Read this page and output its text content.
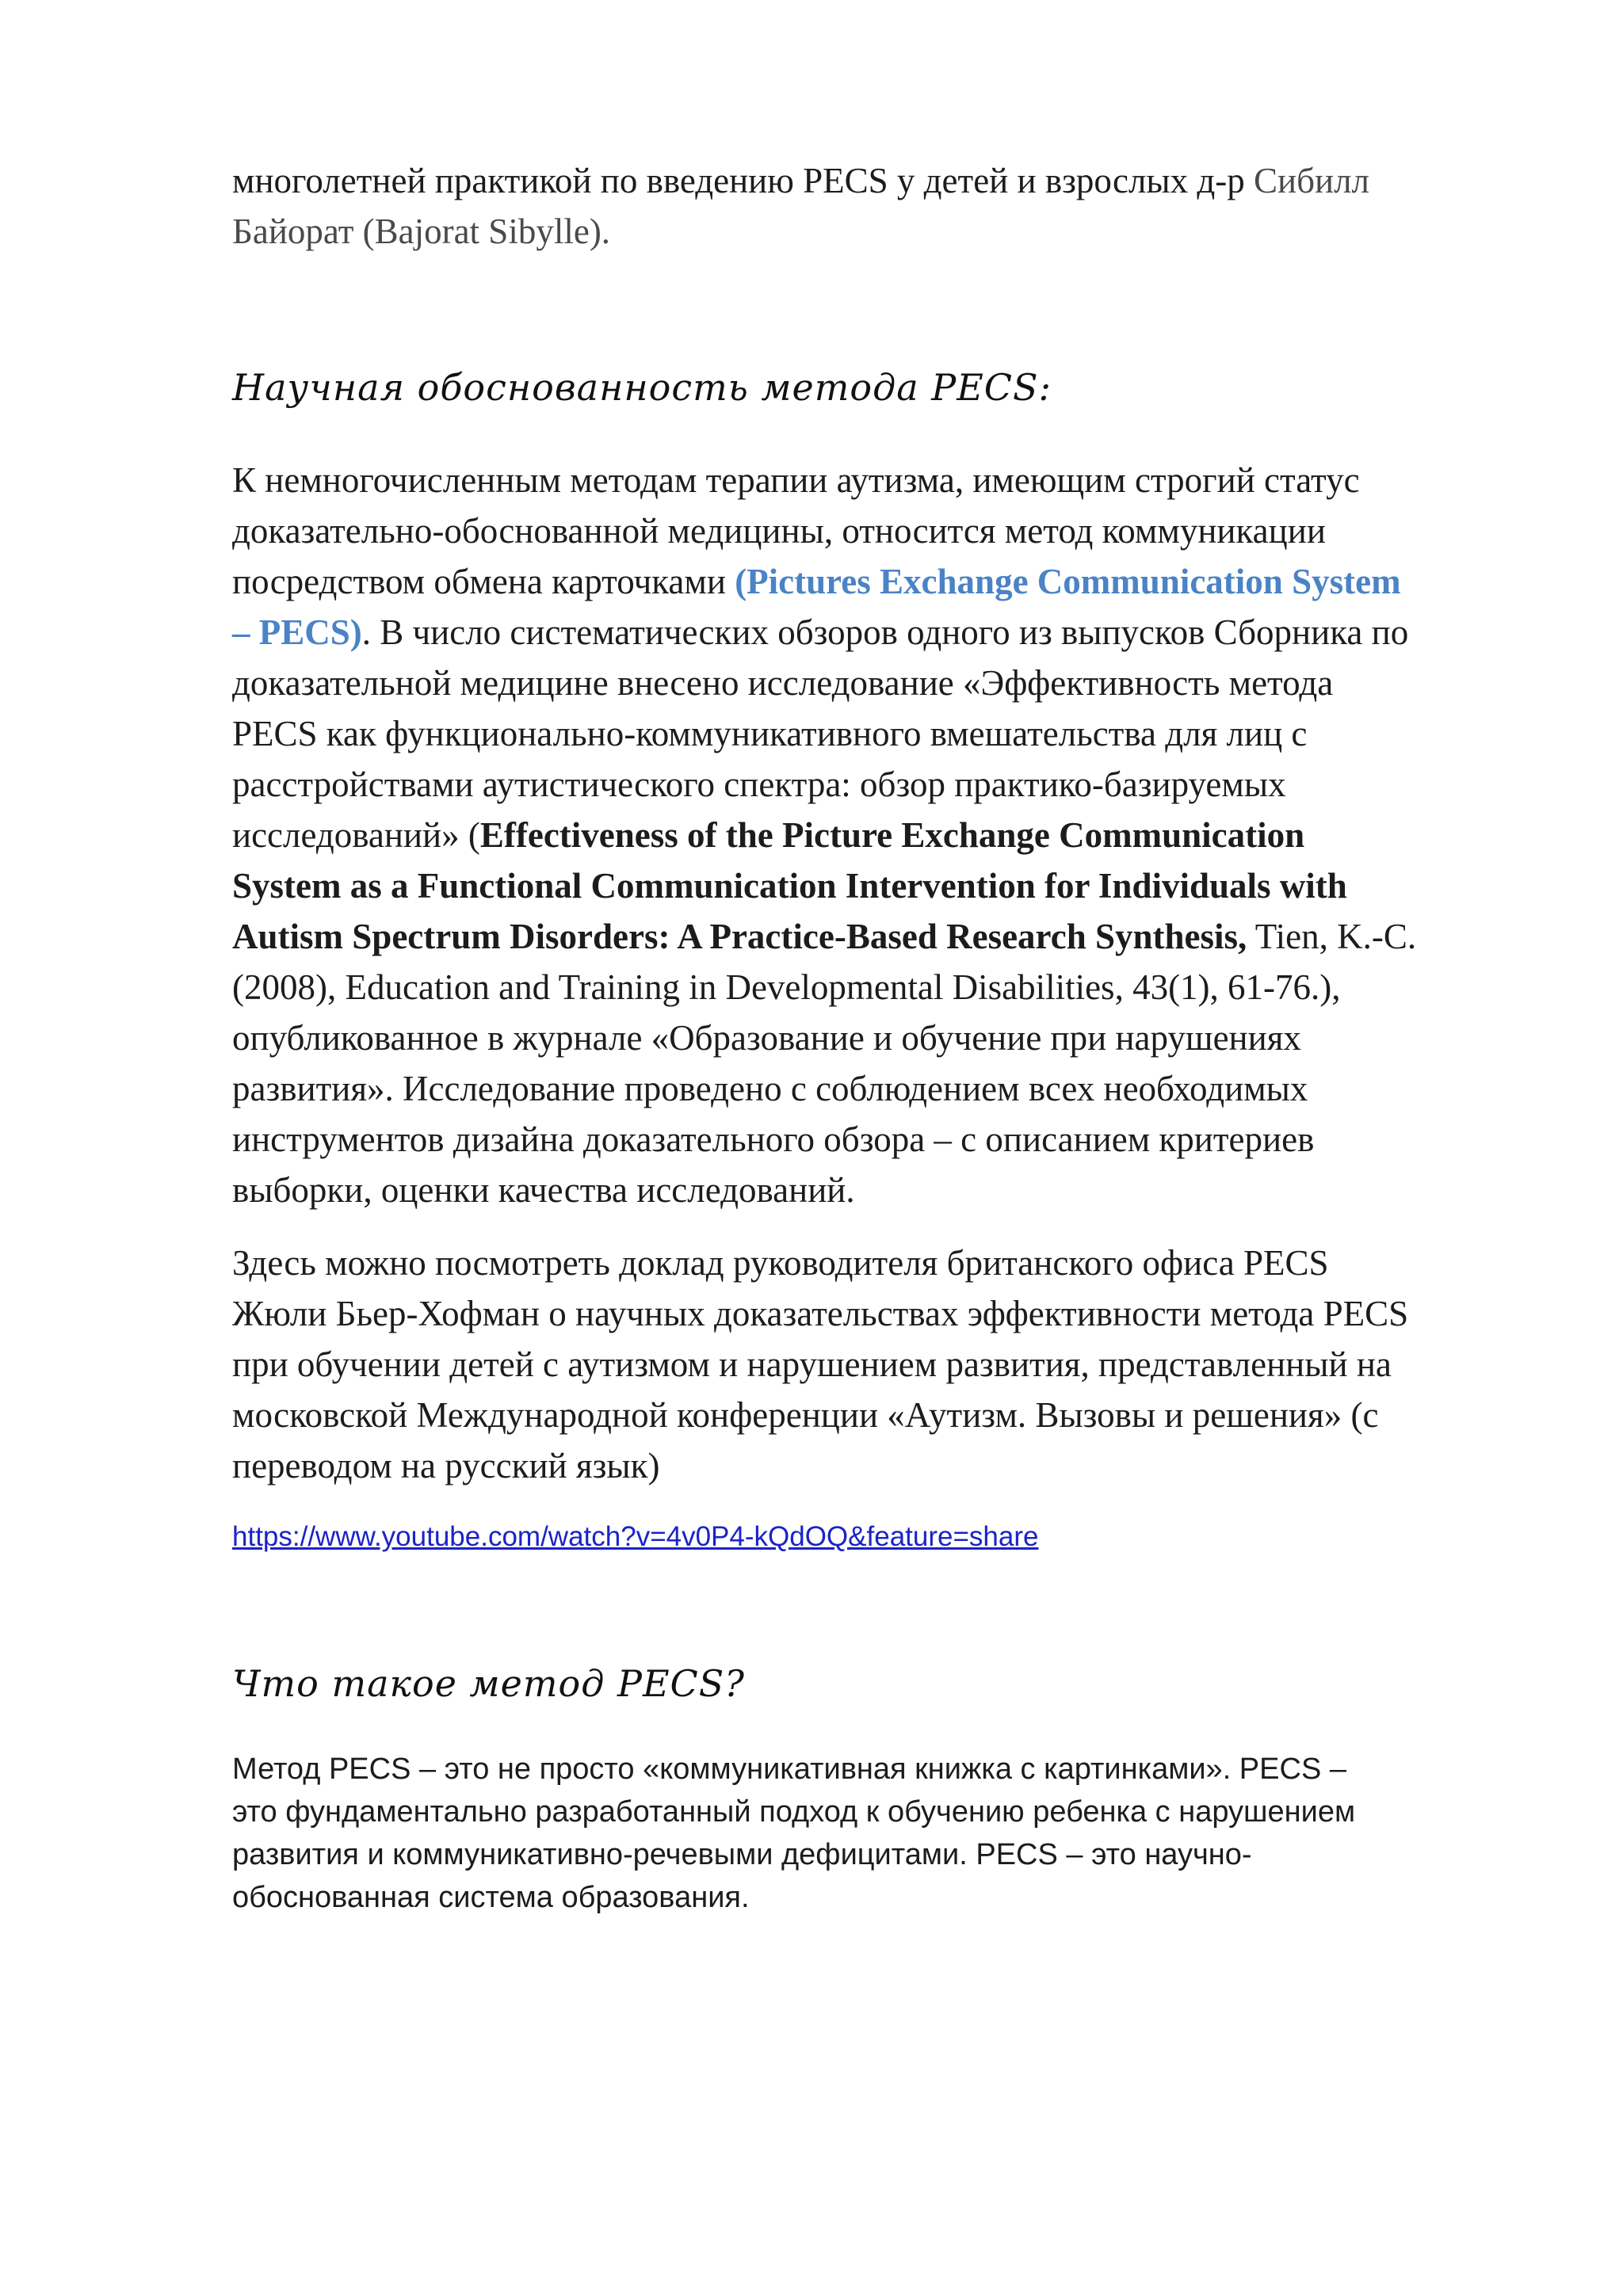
многолетней практикой по введению PECS у детей и взрослых д-р Сибилл
Байорат (Bajorat Sibylle).
Научная обоснованность метода PECS:
К немногочисленным методам терапии аутизма, имеющим строгий статус
доказательно-обоснованной медицины, относится метод коммуникации
посредством обмена карточками (Pictures Exchange Communication System
– PECS). В число систематических обзоров одного из выпусков Сборника по
доказательной медицине внесено исследование «Эффективность метода
PECS как функционально-коммуникативного вмешательства для лиц с
расстройствами аутистического спектра: обзор практико-базируемых
исследований» (Effectiveness of the Picture Exchange Communication
System as a Functional Communication Intervention for Individuals with
Autism Spectrum Disorders: A Practice-Based Research Synthesis, Tien, K.-C.
(2008), Education and Training in Developmental Disabilities, 43(1), 61-76.),
опубликованное в журнале «Образование и обучение при нарушениях
развития». Исследование проведено с соблюдением всех необходимых
инструментов дизайна доказательного обзора – с описанием критериев
выборки, оценки качества исследований.
Здесь можно посмотреть доклад руководителя британского офиса PECS
Жюли Бьер-Хофман о научных доказательствах эффективности метода PECS
при обучении детей с аутизмом и нарушением развития, представленный на
московской Международной конференции «Аутизм. Вызовы и решения» (с
переводом на русский язык)
https://www.youtube.com/watch?v=4v0P4-kQdOQ&feature=share
Что такое метод PECS?
Метод PECS – это не просто «коммуникативная книжка с картинками». PECS –
это фундаментально разработанный подход к обучению ребенка с нарушением
развития и коммуникативно-речевыми дефицитами. PECS – это научно-
обоснованная система образования.
